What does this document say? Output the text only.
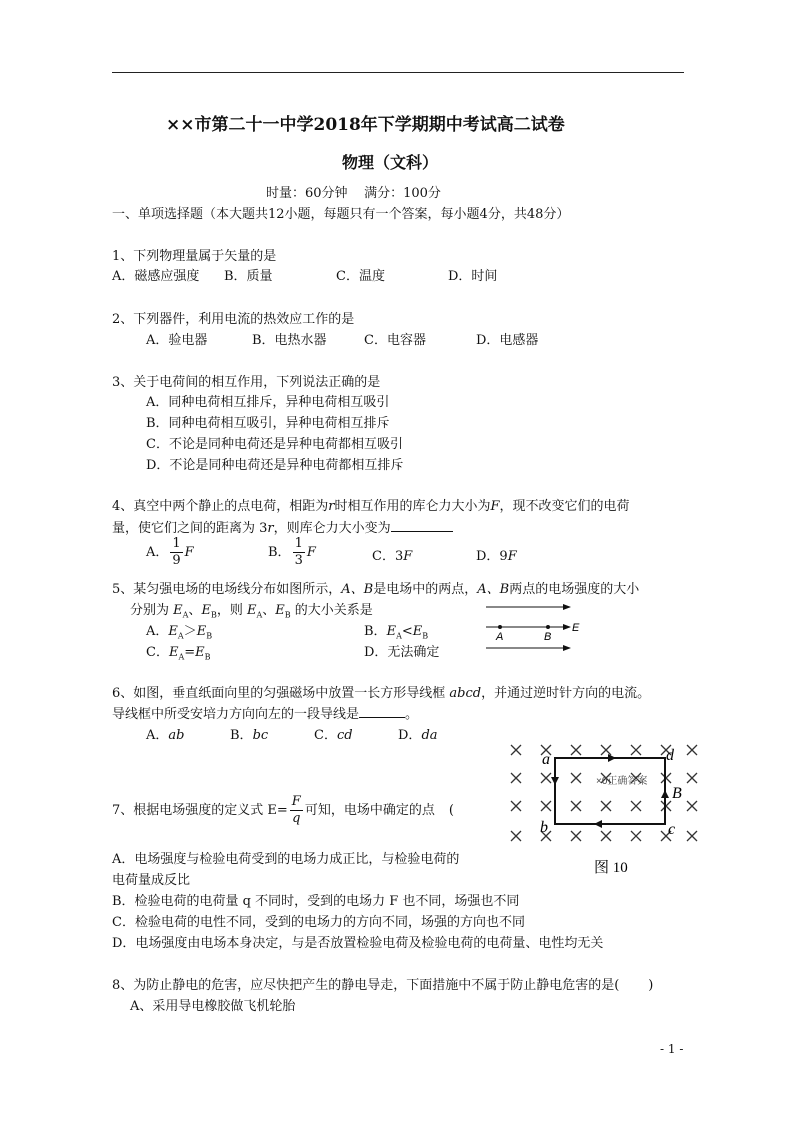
××市第二十一中学2018年下学期期中考试高二试卷
物理（文科）
时量：60分钟    满分：100分
一、单项选择题（本大题共12小题，每题只有一个答案，每小题4分，共48分）
1、下列物理量属于矢量的是
A．磁感应强度 B．质量	C．温度	D．时间
2、下列器件，利用电流的热效应工作的是
A．验电器	B．电热水器	C．电容器	D．电感器
3、关于电荷间的相互作用，下列说法正确的是
A．同种电荷相互排斥，异种电荷相互吸引
B．同种电荷相互吸引，异种电荷相互排斥
C．不论是同种电荷还是异种电荷都相互吸引
D．不论是同种电荷还是异种电荷都相互排斥
4、真空中两个静止的点电荷，相距为r时相互作用的库仑力大小为F，现不改变它们的电荷
量，使它们之间的距离为 3r，则库仑力大小变为
A． $\frac{1}{9}$ F	B． $\frac{1}{3}$ F	C．3F	D．9F
5、某匀强电场的电场线分布如图所示，A、B是电场中的两点，A、B两点的电场强度的大小
分别为 $E_A$、$E_B$，则 $E_A$、$E_B$ 的大小关系是
A．$E_A>E_B$	B．$E_A<E_B$
C．$E_A=E_B$	D．无法确定
A	B
E
6、如图，垂直纸面向里的匀强磁场中放置一长方形导线框 abcd，并通过逆时针方向的电流。
导线框中所受安培力方向向左的一段导线是	。
A．ab	B．bc	C．cd	D．da
a	d
b	c
B
×0正确答案
图 10
7、根据电场强度的定义式 $E= \frac{F}{q}$ 可知，电场中确定的点 (
A．电场强度与检验电荷受到的电场力成正比，与检验电荷的
电荷量成反比
B．检验电荷的电荷量 q 不同时，受到的电场力 F 也不同，场强也不同
C．检验电荷的电性不同，受到的电场力的方向不同，场强的方向也不同
D．电场强度由电场本身决定，与是否放置检验电荷及检验电荷的电荷量、电性均无关
8、为防止静电的危害，应尽快把产生的静电导走，下面措施中不属于防止静电危害的是(       )
A、采用导电橡胶做飞机轮胎
- 1 -
